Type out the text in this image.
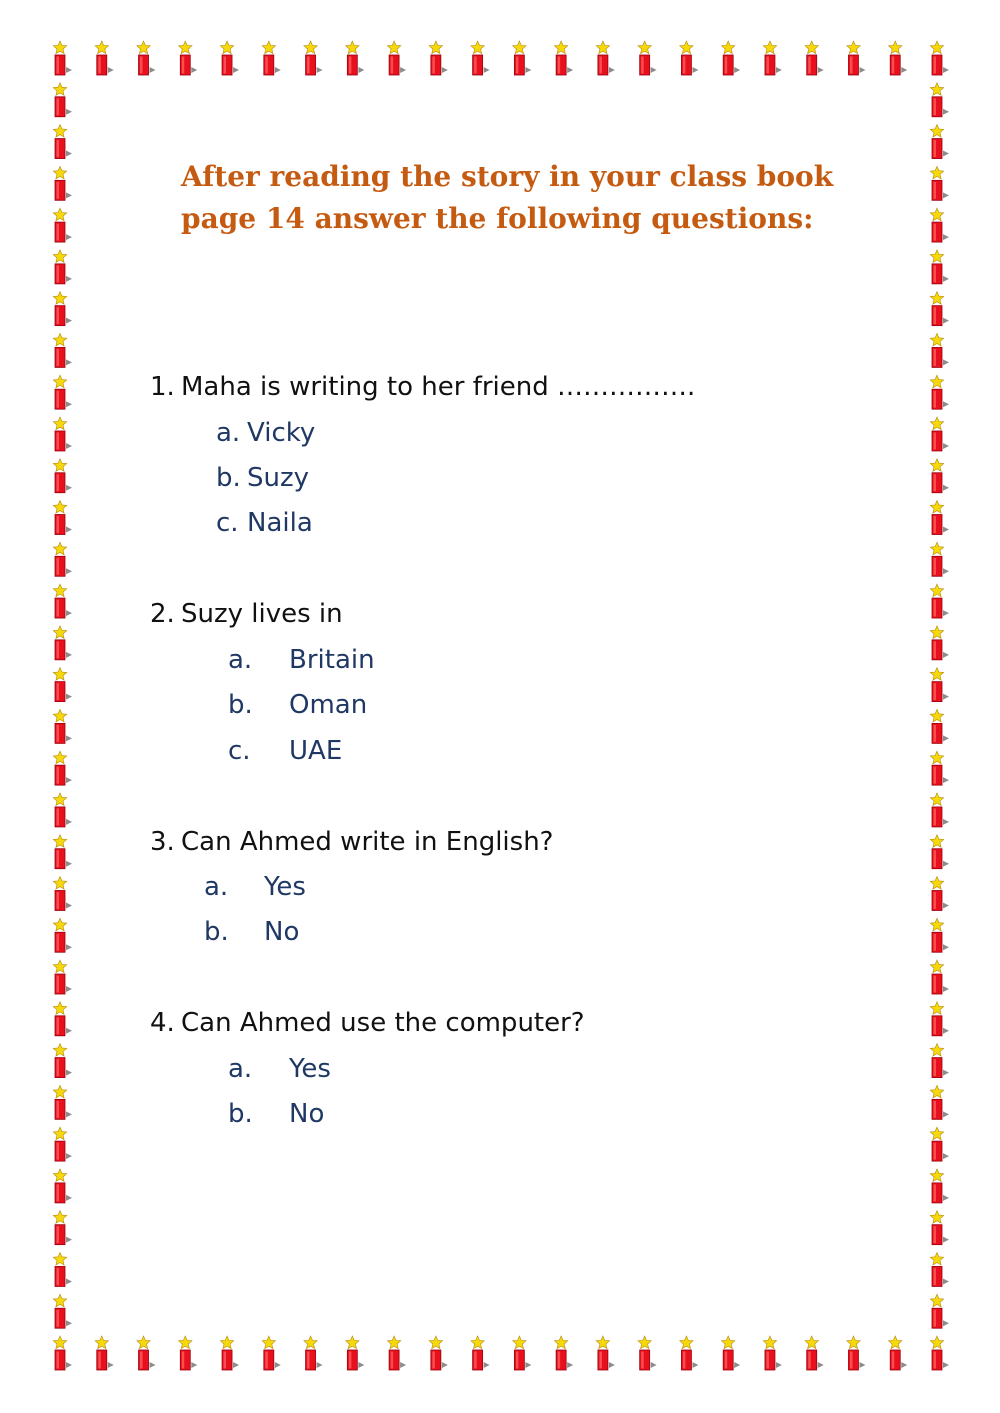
After reading the story in your class book page 14 answer the following questions:

1. Maha is writing to her friend …………….

a. Vicky

b. Suzy

c. Naila

2. Suzy lives in

a. Britain

b. Oman

c. UAE

3. Can Ahmed write in English?

a. Yes

b. No

4. Can Ahmed use the computer?

a. Yes

b. No
